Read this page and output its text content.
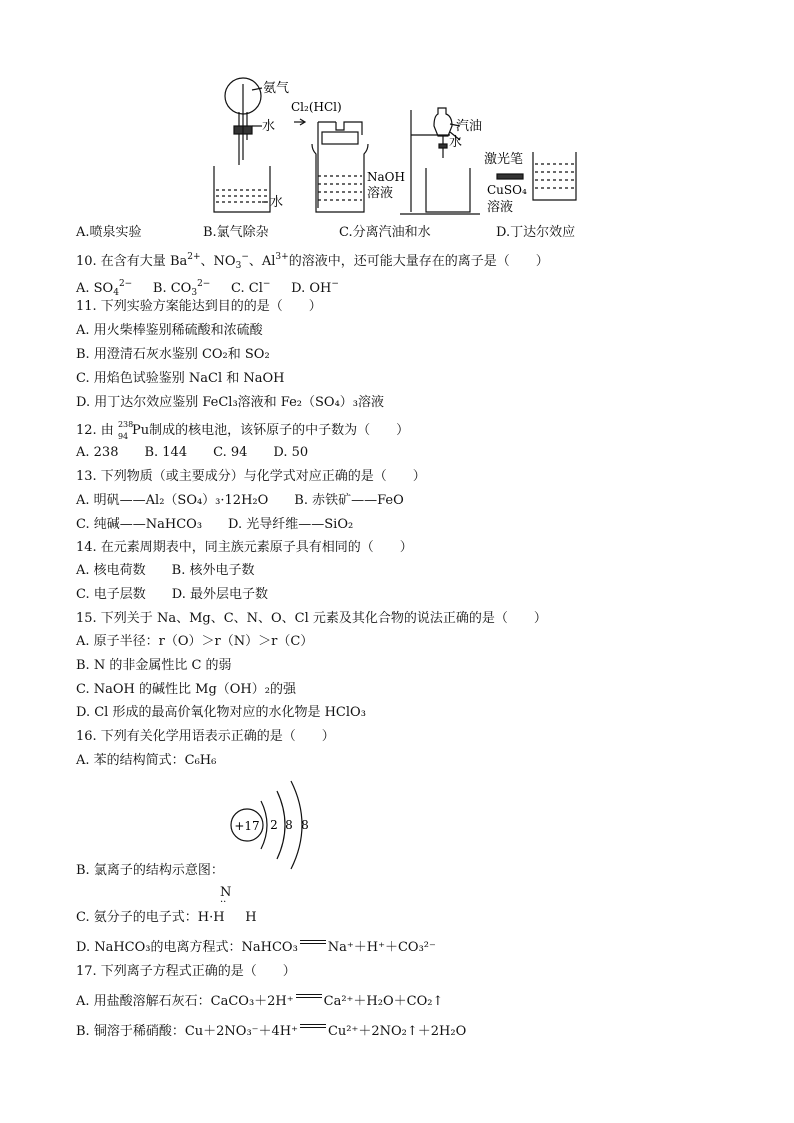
氨气
水
水
Cl₂(HCl)
NaOH
溶液
汽油
水
激光笔
CuSO₄
溶液
A.喷泉实验	B.氯气除杂	C.分离汽油和水	D.丁达尔效应
10. 在含有大量 $Ba^{2+}$、$NO_3^-$、$Al^{3+}$的溶液中，还可能大量存在的离子是（　　）
A. $SO_4^{2-}$ B. $CO_3^{2-}$ C. Cl− D. OH−
11. 下列实验方案能达到目的的是（　　）
A. 用火柴棒鉴别稀硫酸和浓硫酸
B. 用澄清石灰水鉴别 CO₂和 SO₂
C. 用焰色试验鉴别 NaCl 和 NaOH
D. 用丁达尔效应鉴别 FeCl₃溶液和 Fe₂（SO₄）₃溶液
12. 由 238
94 Pu制成的核电池，该钚原子的中子数为（　　）
A. 238　　B. 144　　C. 94　　D. 50
13. 下列物质（或主要成分）与化学式对应正确的是（　　）
A. 明矾——Al₂（SO₄）₃·12H₂O　　B. 赤铁矿——FeO
C. 纯碱——NaHCO₃　　D. 光导纤维——SiO₂
14. 在元素周期表中，同主族元素原子具有相同的（　　）
A. 核电荷数　　B. 核外电子数
C. 电子层数　　D. 最外层电子数
15. 下列关于 Na、Mg、C、N、O、Cl 元素及其化合物的说法正确的是（　　）
A. 原子半径：r（O）＞r（N）＞r（C）
B. N 的非金属性比 C 的弱
C. NaOH 的碱性比 Mg（OH）₂的强
D. Cl 形成的最高价氧化物对应的水化物是 HClO₃
16. 下列有关化学用语表示正确的是（　　）
A. 苯的结构简式：C₆H₆
+17 2 8 8
B. 氯离子的结构示意图：
N
··
C. 氨分子的电子式：H·H H
D. NaHCO₃的电离方程式：NaHCO₃ Na⁺＋H⁺＋CO₃²⁻
17. 下列离子方程式正确的是（　　）
A. 用盐酸溶解石灰石：CaCO₃＋2H⁺ Ca²⁺＋H₂O＋CO₂↑
B. 铜溶于稀硝酸：Cu＋2NO₃⁻＋4H⁺ Cu²⁺＋2NO₂↑＋2H₂O
